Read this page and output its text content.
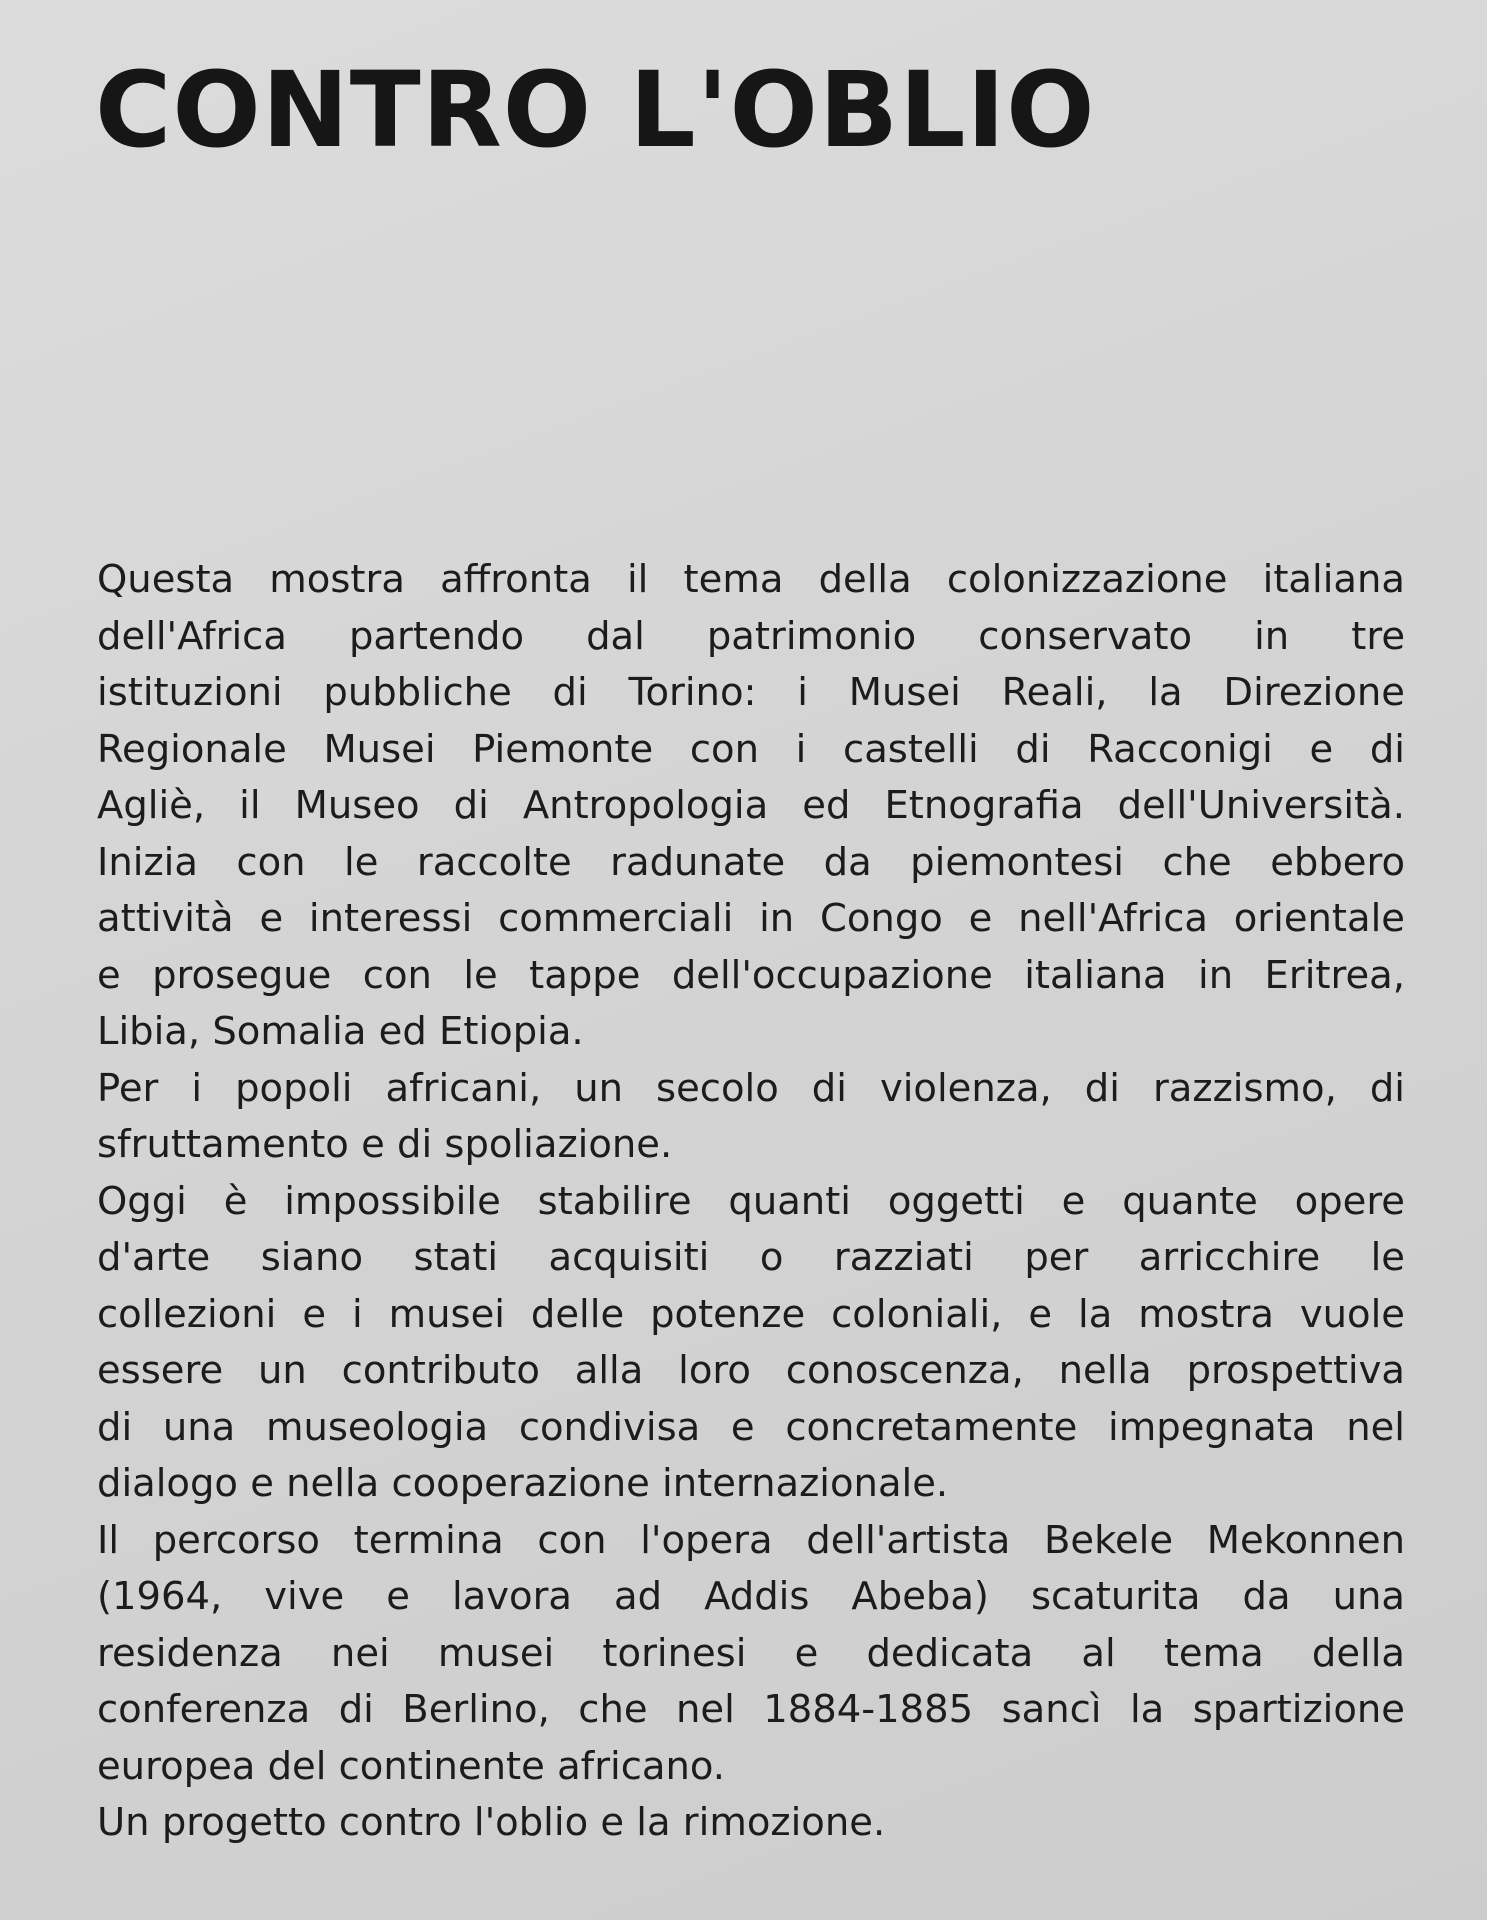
CONTRO L'OBLIO
Questa mostra affronta il tema della colonizzazione italiana
dell'Africa partendo dal patrimonio conservato in tre
istituzioni pubbliche di Torino: i Musei Reali, la Direzione
Regionale Musei Piemonte con i castelli di Racconigi e di
Agliè, il Museo di Antropologia ed Etnografia dell'Università.
Inizia con le raccolte radunate da piemontesi che ebbero
attività e interessi commerciali in Congo e nell'Africa orientale
e prosegue con le tappe dell'occupazione italiana in Eritrea,
Libia, Somalia ed Etiopia.
Per i popoli africani, un secolo di violenza, di razzismo, di
sfruttamento e di spoliazione.
Oggi è impossibile stabilire quanti oggetti e quante opere
d'arte siano stati acquisiti o razziati per arricchire le
collezioni e i musei delle potenze coloniali, e la mostra vuole
essere un contributo alla loro conoscenza, nella prospettiva
di una museologia condivisa e concretamente impegnata nel
dialogo e nella cooperazione internazionale.
Il percorso termina con l'opera dell'artista Bekele Mekonnen
(1964, vive e lavora ad Addis Abeba) scaturita da una
residenza nei musei torinesi e dedicata al tema della
conferenza di Berlino, che nel 1884-1885 sancì la spartizione
europea del continente africano.
Un progetto contro l'oblio e la rimozione.
